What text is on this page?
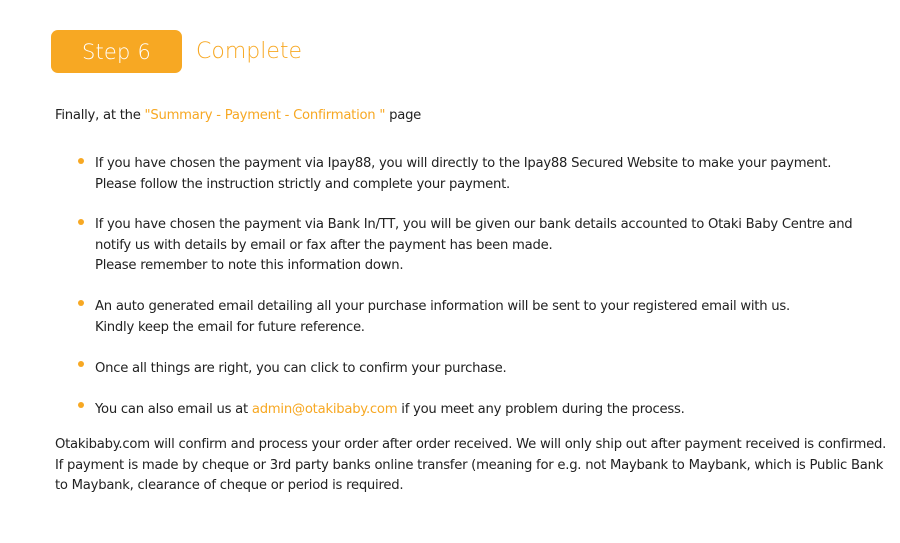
Step 6 Complete
Finally, at the "Summary - Payment - Confirmation " page
If you have chosen the payment via Ipay88, you will directly to the Ipay88 Secured Website to make your payment.
Please follow the instruction strictly and complete your payment.
If you have chosen the payment via Bank In/TT, you will be given our bank details accounted to Otaki Baby Centre and
notify us with details by email or fax after the payment has been made.
Please remember to note this information down.
An auto generated email detailing all your purchase information will be sent to your registered email with us.
Kindly keep the email for future reference.
Once all things are right, you can click to confirm your purchase.
You can also email us at admin@otakibaby.com if you meet any problem during the process.
Otakibaby.com will confirm and process your order after order received. We will only ship out after payment received is confirmed.
If payment is made by cheque or 3rd party banks online transfer (meaning for e.g. not Maybank to Maybank, which is Public Bank
to Maybank, clearance of cheque or period is required.
